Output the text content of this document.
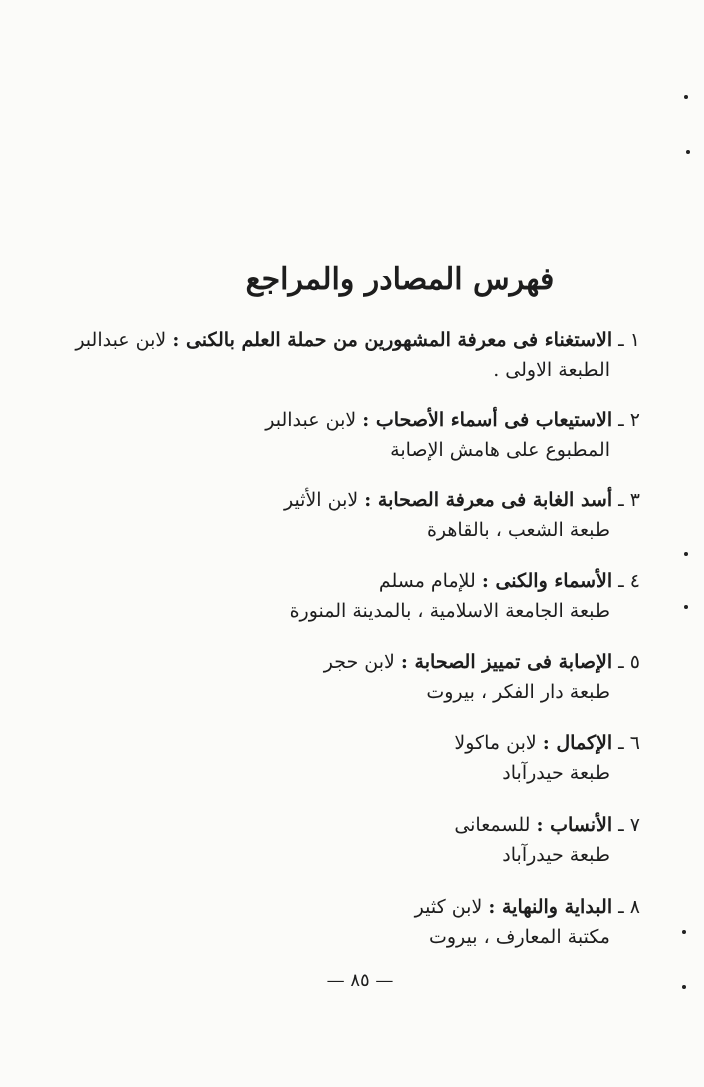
فهرس المصادر والمراجع
١ ـ الاستغناء فى معرفة المشهورين من حملة العلم بالكنى : لابن عبدالبر
الطبعة الاولى .
٢ ـ الاستيعاب فى أسماء الأصحاب : لابن عبدالبر
المطبوع على هامش الإصابة
٣ ـ أسد الغابة فى معرفة الصحابة : لابن الأثير
طبعة الشعب ، بالقاهرة
٤ ـ الأسماء والكنى : للإمام مسلم
طبعة الجامعة الاسلامية ، بالمدينة المنورة
٥ ـ الإصابة فى تمييز الصحابة : لابن حجر
طبعة دار الفكر ، بيروت
٦ ـ الإكمال : لابن ماكولا
طبعة حيدرآباد
٧ ـ الأنساب : للسمعانى
طبعة حيدرآباد
٨ ـ البداية والنهاية : لابن كثير
مكتبة المعارف ، بيروت
— ٨٥ —
